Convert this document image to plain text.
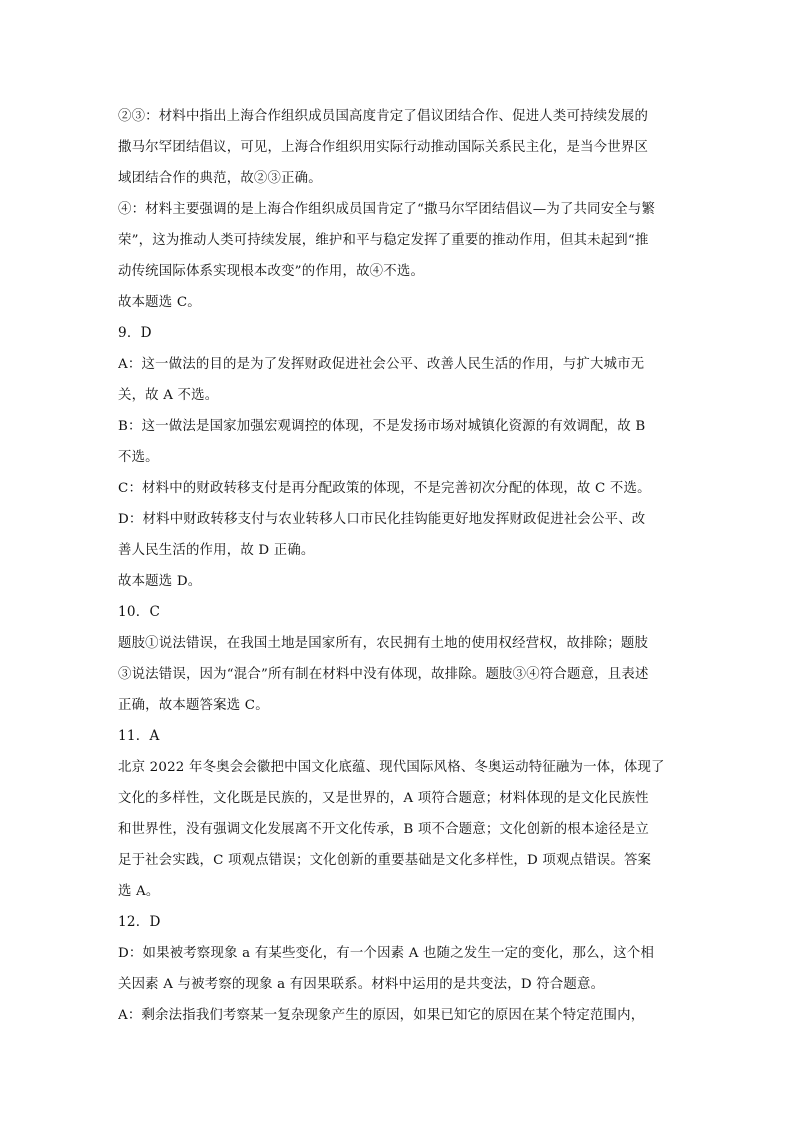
②③：材料中指出上海合作组织成员国高度肯定了倡议团结合作、促进人类可持续发展的
撒马尔罕团结倡议，可见，上海合作组织用实际行动推动国际关系民主化，是当今世界区
域团结合作的典范，故②③正确。
④：材料主要强调的是上海合作组织成员国肯定了“撒马尔罕团结倡议—为了共同安全与繁
荣”，这为推动人类可持续发展，维护和平与稳定发挥了重要的推动作用，但其未起到“推
动传统国际体系实现根本改变”的作用，故④不选。
故本题选 C。
9．D
A：这一做法的目的是为了发挥财政促进社会公平、改善人民生活的作用，与扩大城市无
关，故 A 不选。
B：这一做法是国家加强宏观调控的体现，不是发扬市场对城镇化资源的有效调配，故 B
不选。
C：材料中的财政转移支付是再分配政策的体现，不是完善初次分配的体现，故 C 不选。
D：材料中财政转移支付与农业转移人口市民化挂钩能更好地发挥财政促进社会公平、改
善人民生活的作用，故 D 正确。
故本题选 D。
10．C
题肢①说法错误，在我国土地是国家所有，农民拥有土地的使用权经营权，故排除；题肢
③说法错误，因为“混合”所有制在材料中没有体现，故排除。题肢③④符合题意，且表述
正确，故本题答案选 C。
11．A
北京 2022 年冬奥会会徽把中国文化底蕴、现代国际风格、冬奥运动特征融为一体，体现了
文化的多样性，文化既是民族的，又是世界的，A 项符合题意；材料体现的是文化民族性
和世界性，没有强调文化发展离不开文化传承，B 项不合题意；文化创新的根本途径是立
足于社会实践，C 项观点错误；文化创新的重要基础是文化多样性，D 项观点错误。答案
选 A。
12．D
D：如果被考察现象 a 有某些变化，有一个因素 A 也随之发生一定的变化，那么，这个相
关因素 A 与被考察的现象 a 有因果联系。材料中运用的是共变法，D 符合题意。
A：剩余法指我们考察某一复杂现象产生的原因，如果已知它的原因在某个特定范围内，
